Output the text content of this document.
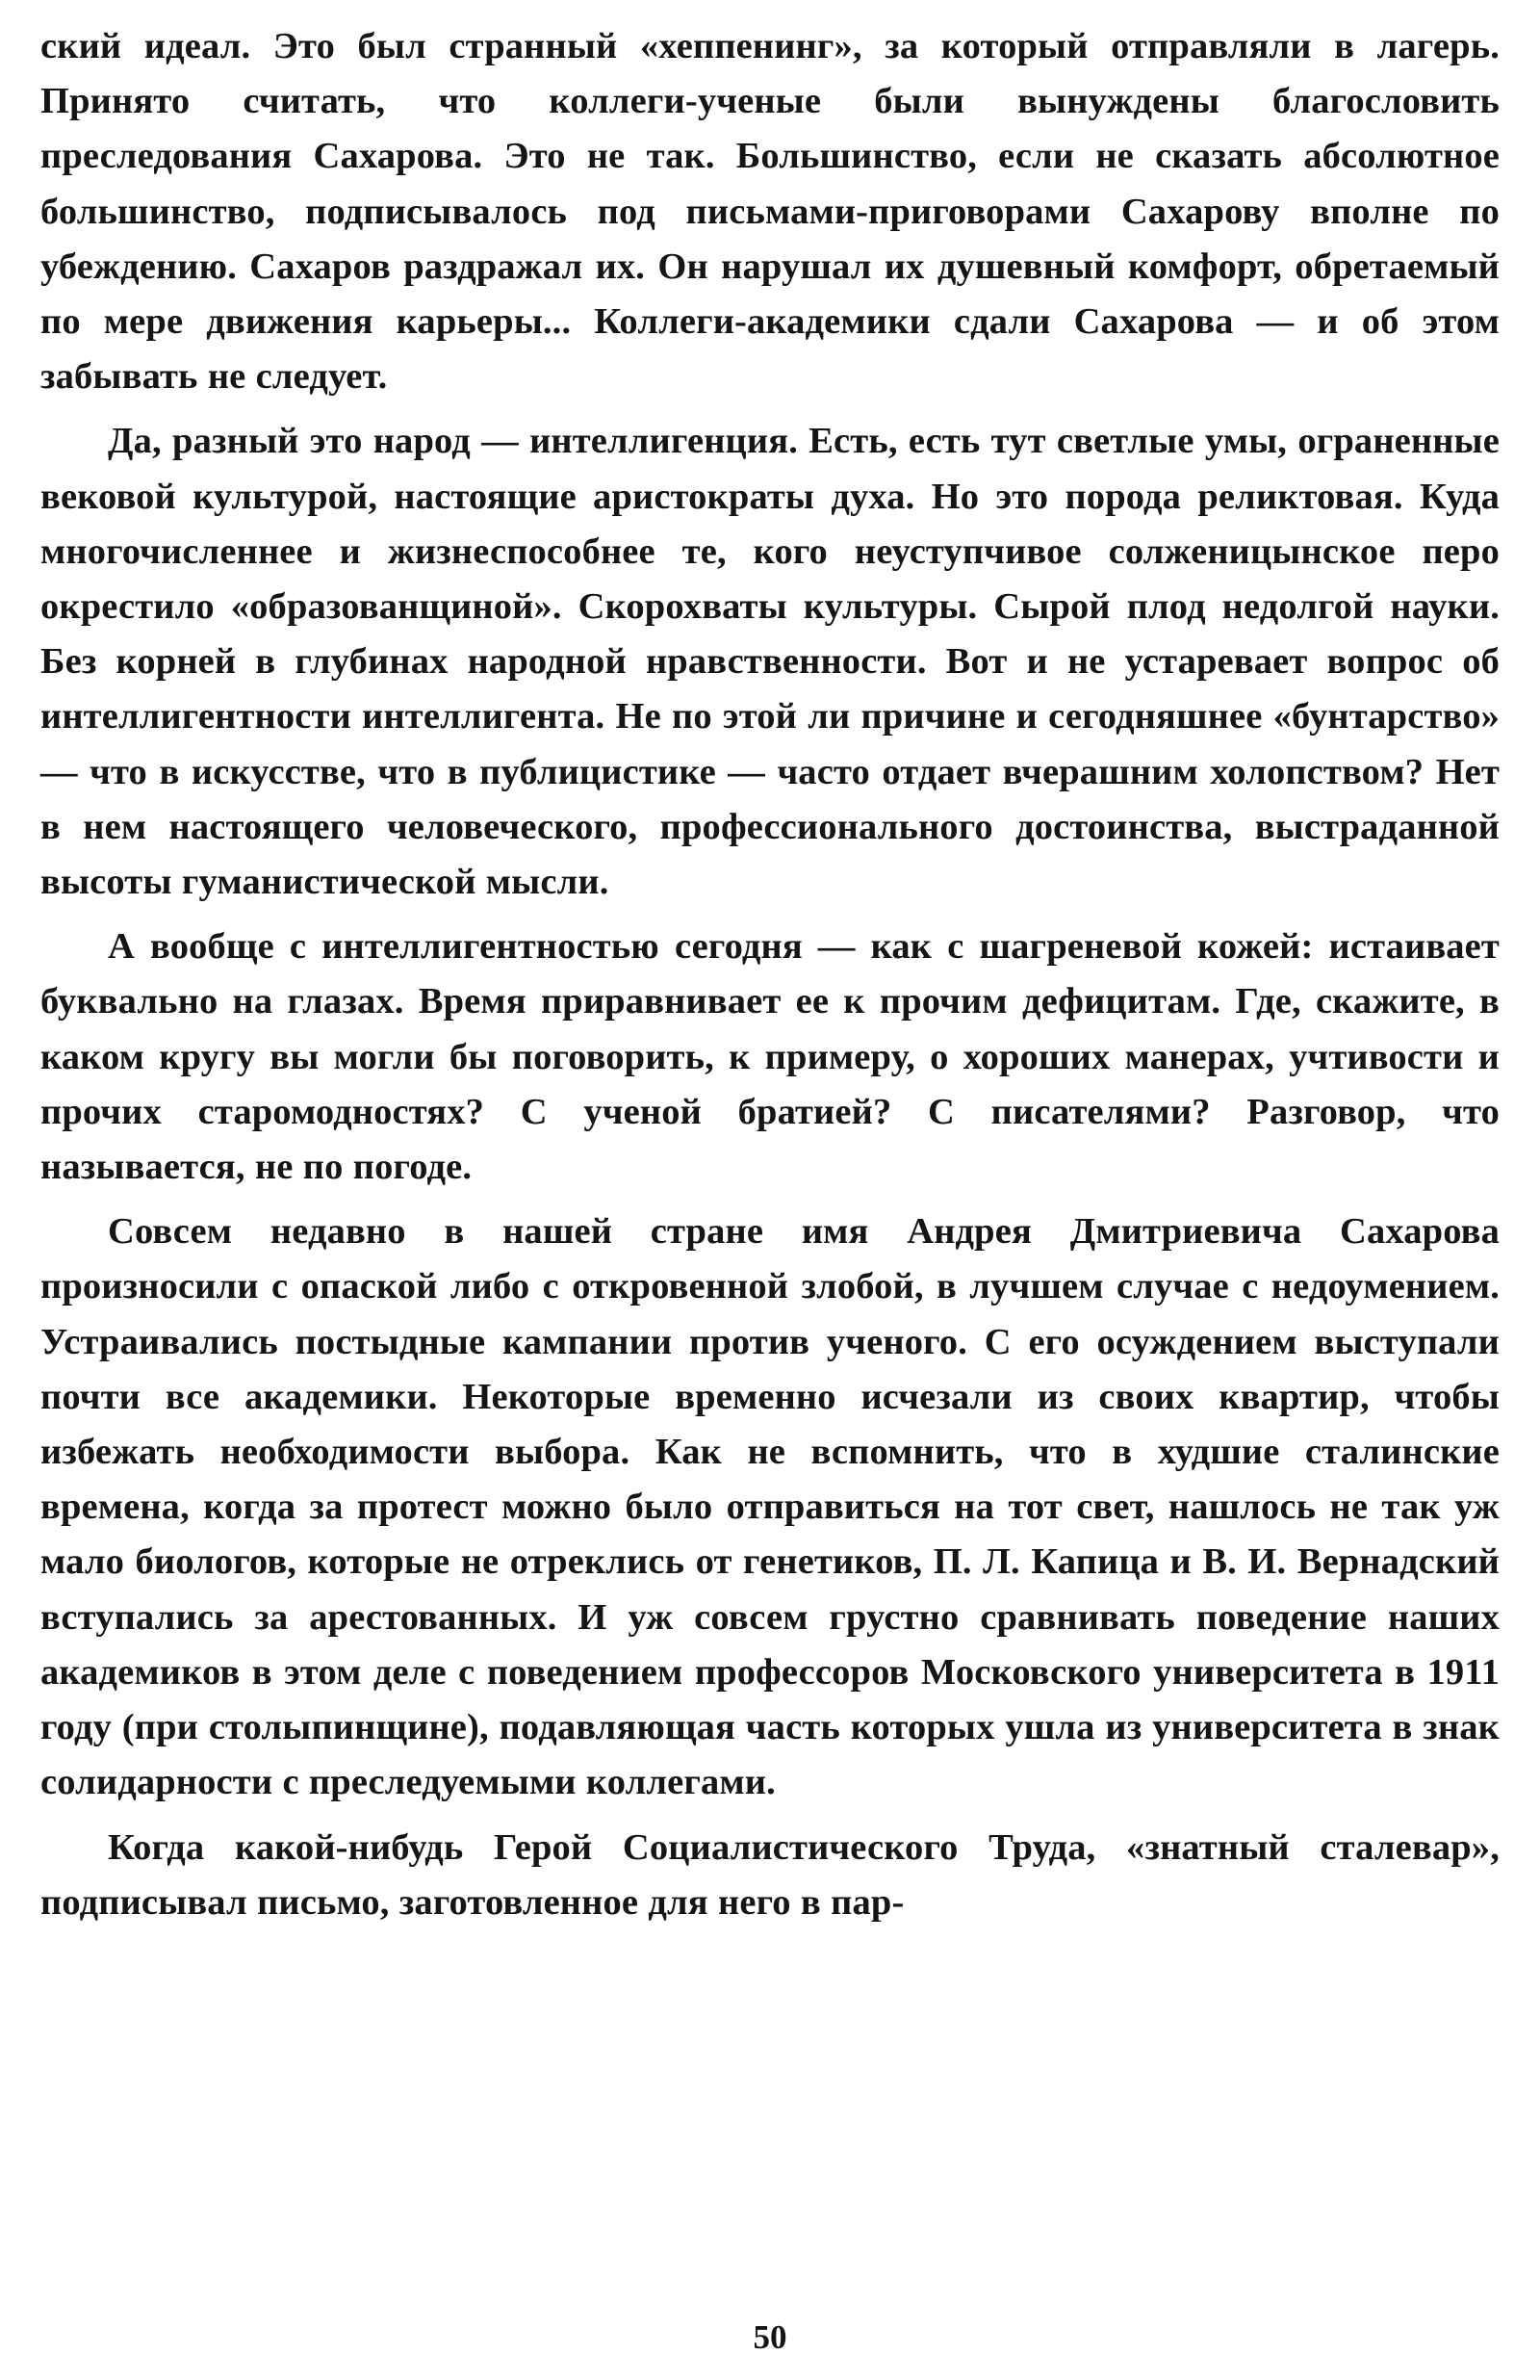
ский идеал. Это был странный «хеппенинг», за который отправляли в лагерь. Принято считать, что коллеги-ученые были вынуждены благословить преследования Сахарова. Это не так. Большинство, если не сказать абсолютное большинство, подписывалось под письмами-приговорами Сахарову вполне по убеждению. Сахаров раздражал их. Он нарушал их душевный комфорт, обретаемый по мере движения карьеры... Коллеги-академики сдали Сахарова — и об этом забывать не следует.

Да, разный это народ — интеллигенция. Есть, есть тут светлые умы, ограненные вековой культурой, настоящие аристократы духа. Но это порода реликтовая. Куда многочисленнее и жизнеспособнее те, кого неуступчивое солженицынское перо окрестило «образованщиной». Скорохваты культуры. Сырой плод недолгой науки. Без корней в глубинах народной нравственности. Вот и не устаревает вопрос об интеллигентности интеллигента. Не по этой ли причине и сегодняшнее «бунтарство» — что в искусстве, что в публицистике — часто отдает вчерашним холопством? Нет в нем настоящего человеческого, профессионального достоинства, выстраданной высоты гуманистической мысли.

А вообще с интеллигентностью сегодня — как с шагреневой кожей: истаивает буквально на глазах. Время приравнивает ее к прочим дефицитам. Где, скажите, в каком кругу вы могли бы поговорить, к примеру, о хороших манерах, учтивости и прочих старомодностях? С ученой братией? С писателями? Разговор, что называется, не по погоде.

Совсем недавно в нашей стране имя Андрея Дмитриевича Сахарова произносили с опаской либо с откровенной злобой, в лучшем случае с недоумением. Устраивались постыдные кампании против ученого. С его осуждением выступали почти все академики. Некоторые временно исчезали из своих квартир, чтобы избежать необходимости выбора. Как не вспомнить, что в худшие сталинские времена, когда за протест можно было отправиться на тот свет, нашлось не так уж мало биологов, которые не отреклись от генетиков, П. Л. Капица и В. И. Вернадский вступались за арестованных. И уж совсем грустно сравнивать поведение наших академиков в этом деле с поведением профессоров Московского университета в 1911 году (при столыпинщине), подавляющая часть которых ушла из университета в знак солидарности с преследуемыми коллегами.

Когда какой-нибудь Герой Социалистического Труда, «знатный сталевар», подписывал письмо, заготовленное для него в пар-

50
